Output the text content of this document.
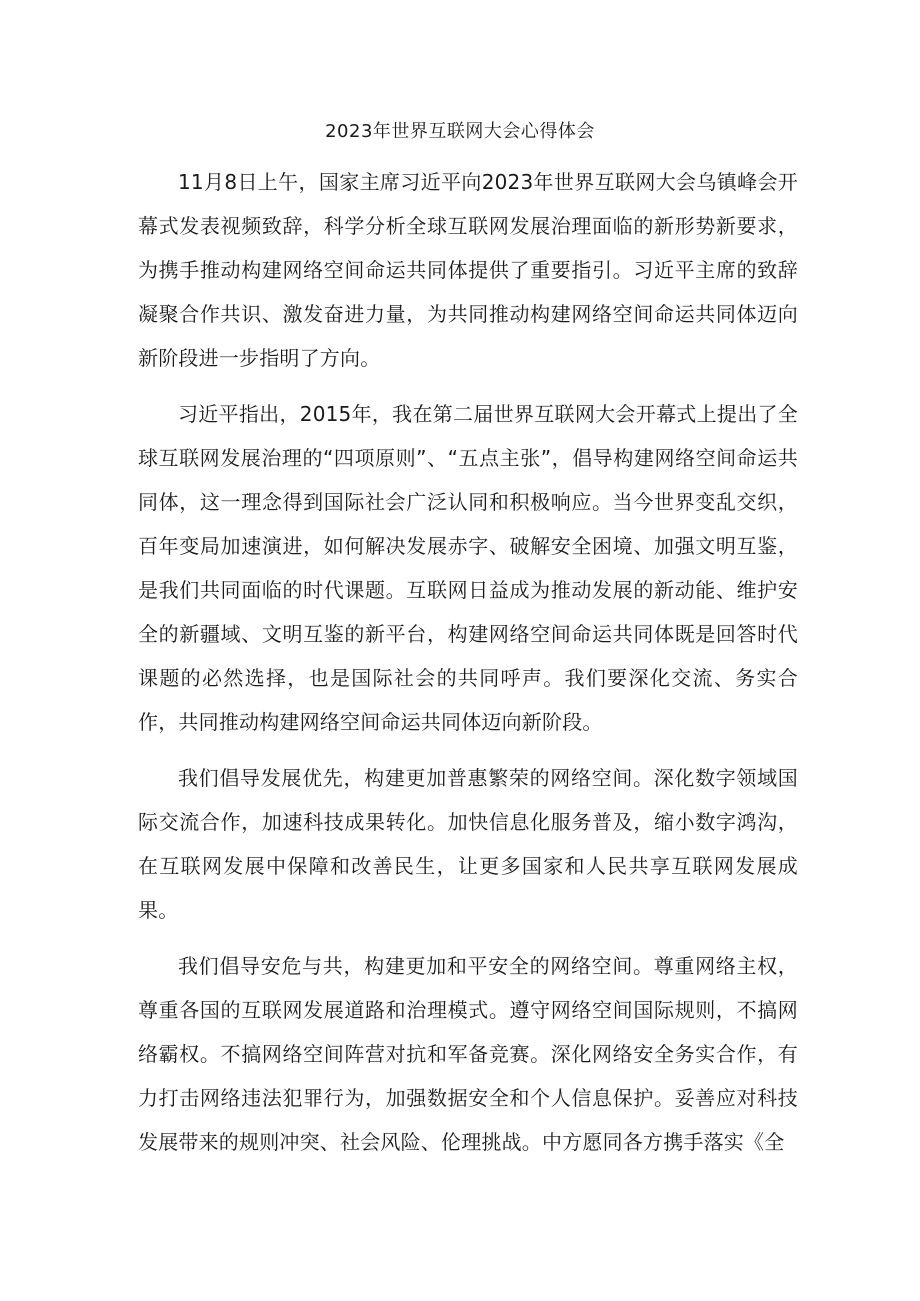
2023年世界互联网大会心得体会

11月8日上午，国家主席习近平向2023年世界互联网大会乌镇峰会开幕式发表视频致辞，科学分析全球互联网发展治理面临的新形势新要求，为携手推动构建网络空间命运共同体提供了重要指引。习近平主席的致辞凝聚合作共识、激发奋进力量，为共同推动构建网络空间命运共同体迈向新阶段进一步指明了方向。

习近平指出，2015年，我在第二届世界互联网大会开幕式上提出了全球互联网发展治理的“四项原则”、“五点主张”，倡导构建网络空间命运共同体，这一理念得到国际社会广泛认同和积极响应。当今世界变乱交织，百年变局加速演进，如何解决发展赤字、破解安全困境、加强文明互鉴，是我们共同面临的时代课题。互联网日益成为推动发展的新动能、维护安全的新疆域、文明互鉴的新平台，构建网络空间命运共同体既是回答时代课题的必然选择，也是国际社会的共同呼声。我们要深化交流、务实合作，共同推动构建网络空间命运共同体迈向新阶段。

我们倡导发展优先，构建更加普惠繁荣的网络空间。深化数字领域国际交流合作，加速科技成果转化。加快信息化服务普及，缩小数字鸿沟，在互联网发展中保障和改善民生，让更多国家和人民共享互联网发展成果。

我们倡导安危与共，构建更加和平安全的网络空间。尊重网络主权，尊重各国的互联网发展道路和治理模式。遵守网络空间国际规则，不搞网络霸权。不搞网络空间阵营对抗和军备竞赛。深化网络安全务实合作，有力打击网络违法犯罪行为，加强数据安全和个人信息保护。妥善应对科技发展带来的规则冲突、社会风险、伦理挑战。中方愿同各方携手落实《全
